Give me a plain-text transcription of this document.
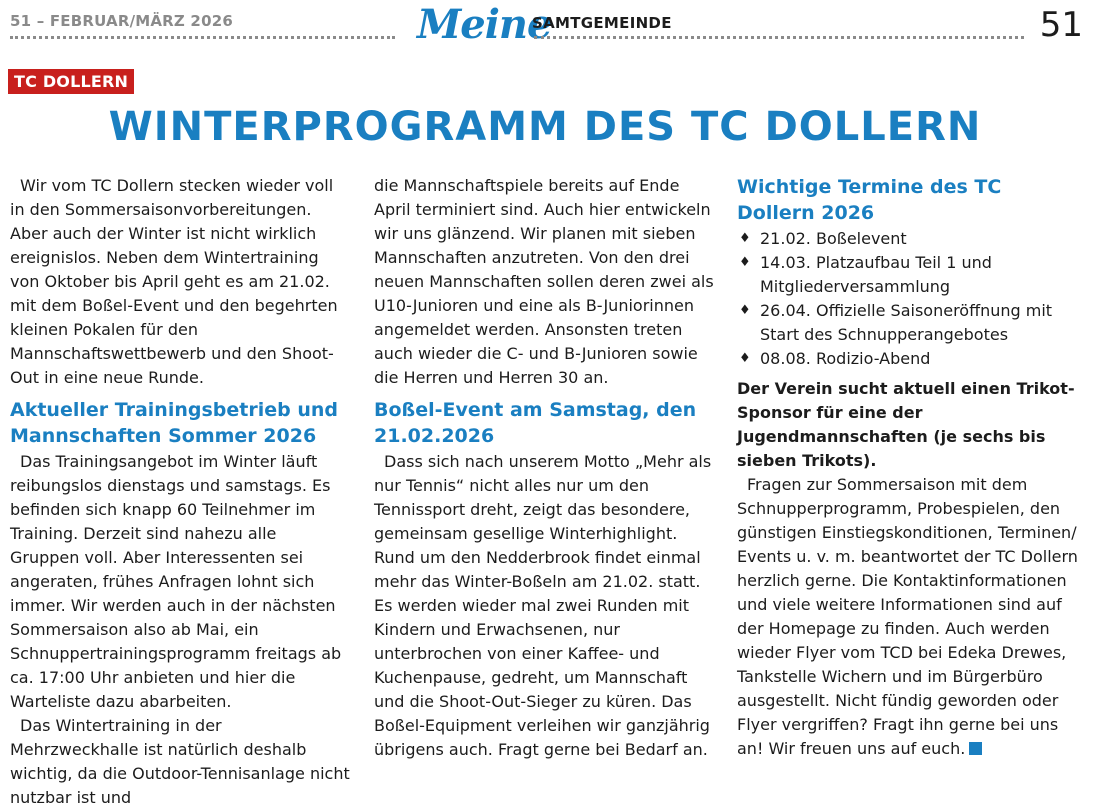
51 – FEBRUAR/MÄRZ 2026	Meine
SAMTGEMEINDE	51
TC DOLLERN
WINTERPROGRAMM DES TC DOLLERN

Wir vom TC Dollern stecken wieder voll in den Sommersaisonvorbereitungen. Aber auch der Winter ist nicht wirklich ereignislos. Neben dem Wintertraining von Oktober bis April geht es am 21.02. mit dem Boßel-Event und den begehrten kleinen Pokalen für den Mannschaftswettbewerb und den Shoot-Out in eine neue Runde.

Aktueller Trainingsbetrieb und Mannschaften Sommer 2026

Das Trainingsangebot im Winter läuft reibungslos dienstags und samstags. Es befinden sich knapp 60 Teilnehmer im Training. Derzeit sind nahezu alle Gruppen voll. Aber Interessenten sei angeraten, frühes Anfragen lohnt sich immer. Wir werden auch in der nächsten Sommersaison also ab Mai, ein Schnuppertrainingsprogramm freitags ab ca. 17:00 Uhr anbieten und hier die Warteliste dazu abarbeiten.

Das Wintertraining in der Mehrzweckhalle ist natürlich deshalb wichtig, da die Outdoor-Tennisanlage nicht nutzbar ist und

die Mannschaftspiele bereits auf Ende April terminiert sind. Auch hier entwickeln wir uns glänzend. Wir planen mit sieben Mannschaften anzutreten. Von den drei neuen Mannschaften sollen deren zwei als U10-Junioren und eine als B-Juniorinnen angemeldet werden. Ansonsten treten auch wieder die C- und B-Junioren sowie die Herren und Herren 30 an.

Boßel-Event am Samstag, den 21.02.2026

Dass sich nach unserem Motto „Mehr als nur Tennis“ nicht alles nur um den Tennissport dreht, zeigt das besondere, gemeinsam gesellige Winterhighlight. Rund um den Nedderbrook findet einmal mehr das Winter-Boßeln am 21.02. statt. Es werden wieder mal zwei Runden mit Kindern und Erwachsenen, nur unterbrochen von einer Kaffee- und Kuchenpause, gedreht, um Mannschaft und die Shoot-Out-Sieger zu küren. Das Boßel-Equipment verleihen wir ganzjährig übrigens auch. Fragt gerne bei Bedarf an.

Wichtige Termine des TC Dollern 2026
♦ 21.02. Boßelevent
♦ 14.03. Platzaufbau Teil 1 und Mitgliederversammlung
♦ 26.04. Offizielle Saisoneröffnung mit Start des Schnupperangebotes
♦ 08.08. Rodizio-Abend

Der Verein sucht aktuell einen Trikot-Sponsor für eine der Jugendmannschaften (je sechs bis sieben Trikots).

Fragen zur Sommersaison mit dem Schnupperprogramm, Probespielen, den günstigen Einstiegskonditionen, Terminen/ Events u. v. m. beantwortet der TC Dollern herzlich gerne. Die Kontaktinformationen und viele weitere Informationen sind auf der Homepage zu finden. Auch werden wieder Flyer vom TCD bei Edeka Drewes, Tankstelle Wichern und im Bürgerbüro ausgestellt. Nicht fündig geworden oder Flyer vergriffen? Fragt ihn gerne bei uns an! Wir freuen uns auf euch.
